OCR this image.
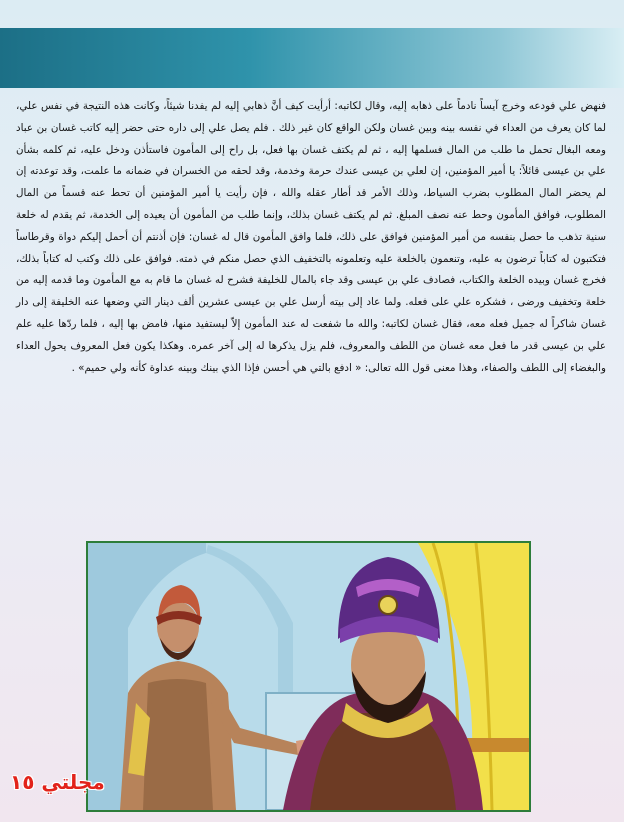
فنهض علي فودعه وخرج آيساً نادماً على ذهابه إليه، وقال لكاتبه: أرأيت كيف أنَّ ذهابي إليه لم يفدنا شيئاً، وكانت هذه النتيجة في نفس علي، لما كان يعرف من العداء في نفسه بينه وبين غسان ولكن الواقع كان غير ذلك . فلم يصل علي إلى داره حتى حضر إليه كاتب غسان بن عباد ومعه البغال تحمل ما طلب من المال فسلمها إليه ، ثم لم يكتف غسان بها فعل، بل راح إلى المأمون فاستأذن ودخل عليه، ثم كلمه بشأن علي بن عيسى قائلاً: يا أمير المؤمنين، إن لعلي بن عيسى عندك حرمة وخدمة، وقد لحقه من الخسران في ضمانه ما علمت، وقد توعدته إن لم يحضر المال المطلوب بضرب السياط، وذلك الأمر قد أطار عقله والله ، فإن رأيت يا أمير المؤمنين أن تحط عنه قسماً من المال المطلوب، فوافق المأمون وحط عنه نصف المبلغ. ثم لم يكتف غسان بذلك، وإنما طلب من المأمون أن يعيده إلى الخدمة، ثم يقدم له خلعة سنية تذهب ما حصل بنفسه من أمير المؤمنين فوافق على ذلك، فلما وافق المأمون قال له غسان: فإن أذنتم أن أحمل إليكم دواة وقرطاساً فتكتبون له كتاباً ترضون به عليه، وتنعمون بالخلعة عليه وتعلمونه بالتخفيف الذي حصل منكم في ذمته. فوافق على ذلك وكتب له كتاباً بذلك، فخرج غسان وبيده الخلعة والكتاب، فصادف علي بن عيسى وقد جاء بالمال للخليفة فشرح له غسان ما قام به مع المأمون وما قدمه إليه من خلعة وتخفيف ورضى ، فشكره علي على فعله. ولما عاد إلى بيته أرسل علي بن عيسى عشرين ألف دينار التي وضعها عنه الخليفة إلى دار غسان شاكراً له جميل فعله معه، فقال غسان لكاتبه: والله ما شفعت له عند المأمون إلاّ ليستفيد منها، فامض بها إليه ، فلما ردّها عليه علم علي بن عيسى قدر ما فعل معه غسان من اللطف والمعروف، فلم يزل يذكرها له إلى آخر عمره. وهكذا يكون فعل المعروف يحول العداء والبغضاء إلى اللطف والصفاء، وهذا معنى قول الله تعالى: « ادفع بالتي هي أحسن فإذا الذي بينك وبينه عداوة كأنه ولي حميم» .

مجلتي ١٥
